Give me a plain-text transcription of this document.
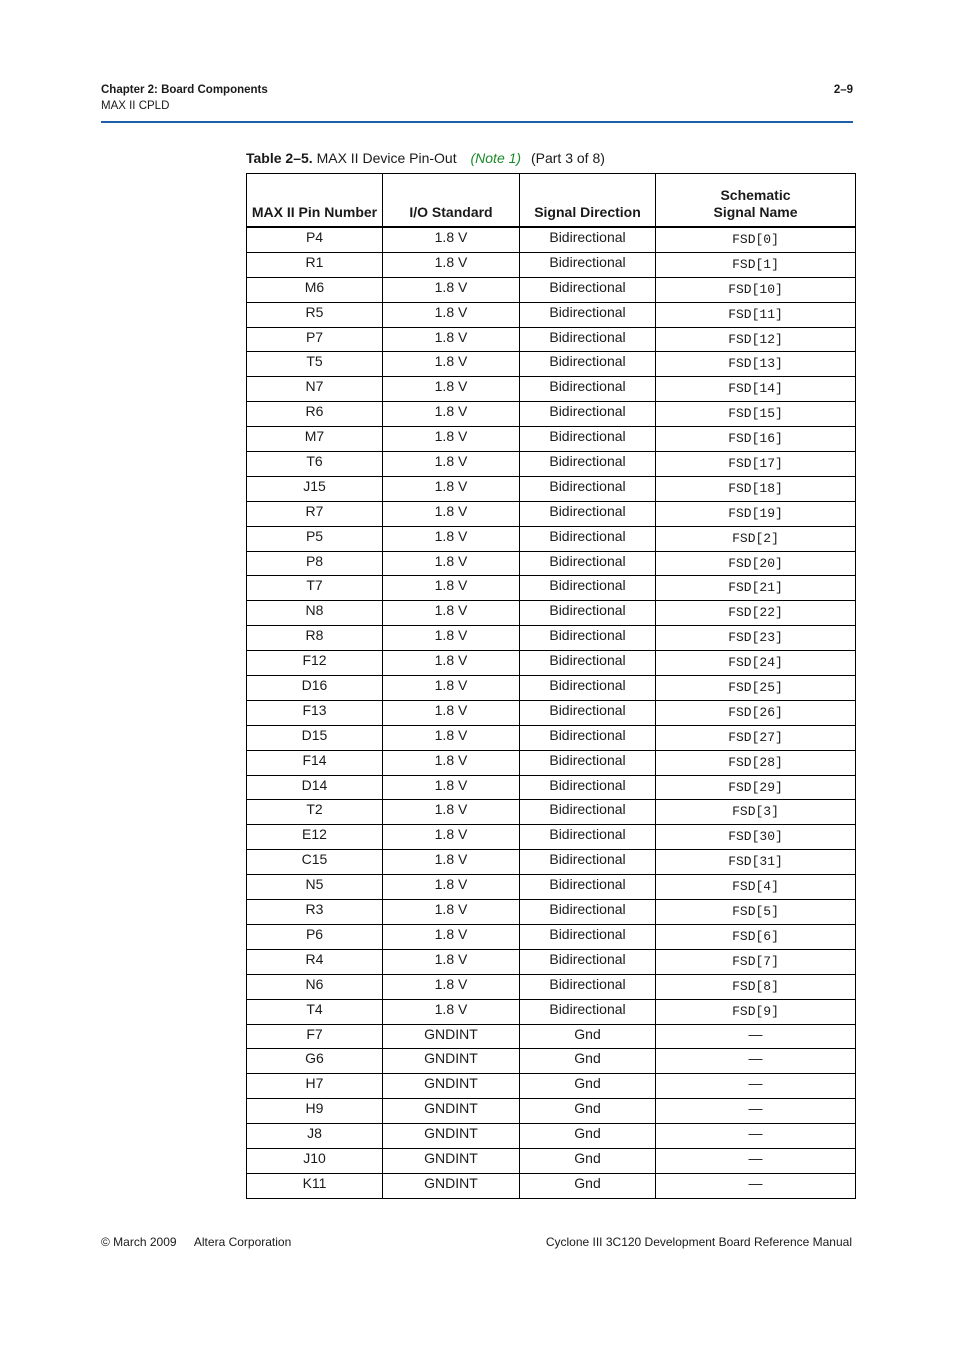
Chapter 2: Board Components
MAX II CPLD
2–9
Table 2–5. MAX II Device Pin-Out (Note 1) (Part 3 of 8)
MAX II Pin Number	I/O Standard	Signal Direction	Schematic
Signal Name
P4	1.8 V	Bidirectional	FSD[0]
R1	1.8 V	Bidirectional	FSD[1]
M6	1.8 V	Bidirectional	FSD[10]
R5	1.8 V	Bidirectional	FSD[11]
P7	1.8 V	Bidirectional	FSD[12]
T5	1.8 V	Bidirectional	FSD[13]
N7	1.8 V	Bidirectional	FSD[14]
R6	1.8 V	Bidirectional	FSD[15]
M7	1.8 V	Bidirectional	FSD[16]
T6	1.8 V	Bidirectional	FSD[17]
J15	1.8 V	Bidirectional	FSD[18]
R7	1.8 V	Bidirectional	FSD[19]
P5	1.8 V	Bidirectional	FSD[2]
P8	1.8 V	Bidirectional	FSD[20]
T7	1.8 V	Bidirectional	FSD[21]
N8	1.8 V	Bidirectional	FSD[22]
R8	1.8 V	Bidirectional	FSD[23]
F12	1.8 V	Bidirectional	FSD[24]
D16	1.8 V	Bidirectional	FSD[25]
F13	1.8 V	Bidirectional	FSD[26]
D15	1.8 V	Bidirectional	FSD[27]
F14	1.8 V	Bidirectional	FSD[28]
D14	1.8 V	Bidirectional	FSD[29]
T2	1.8 V	Bidirectional	FSD[3]
E12	1.8 V	Bidirectional	FSD[30]
C15	1.8 V	Bidirectional	FSD[31]
N5	1.8 V	Bidirectional	FSD[4]
R3	1.8 V	Bidirectional	FSD[5]
P6	1.8 V	Bidirectional	FSD[6]
R4	1.8 V	Bidirectional	FSD[7]
N6	1.8 V	Bidirectional	FSD[8]
T4	1.8 V	Bidirectional	FSD[9]
F7	GNDINT	Gnd	—
G6	GNDINT	Gnd	—
H7	GNDINT	Gnd	—
H9	GNDINT	Gnd	—
J8	GNDINT	Gnd	—
J10	GNDINT	Gnd	—
K11	GNDINT	Gnd	—
© March 2009 Altera Corporation	Cyclone III 3C120 Development Board Reference Manual
